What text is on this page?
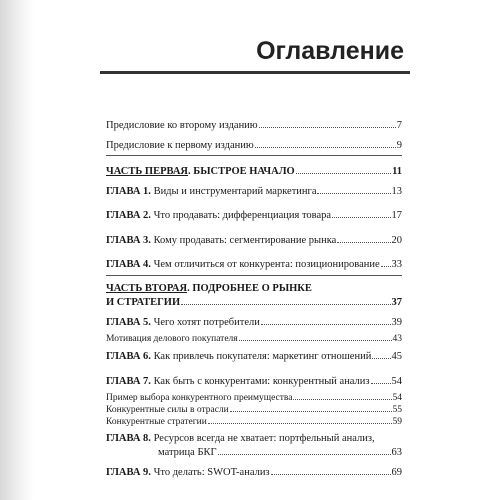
Оглавление
Предисловие ко второму изданию	7
Предисловие к первому изданию	9
ЧАСТЬ ПЕРВАЯ. БЫСТРОЕ НАЧАЛО	11
ГЛАВА 1. Виды и инструментарий маркетинга	13
ГЛАВА 2. Что продавать: дифференциация товара	17
ГЛАВА 3. Кому продавать: сегментирование рынка	20
ГЛАВА 4. Чем отличиться от конкурента: позиционирование 33
ЧАСТЬ ВТОРАЯ. ПОДРОБНЕЕ О РЫНКЕ
И СТРАТЕГИИ	37
ГЛАВА 5. Чего хотят потребители	39
Мотивация делового покупателя	43
ГЛАВА 6. Как привлечь покупателя: маркетинг отношений 45
ГЛАВА 7. Как быть с конкурентами: конкурентный анализ 54
Пример выбора конкурентного преимущества	54
Конкурентные силы в отрасли	55
Конкурентные стратегии	59
ГЛАВА 8. Ресурсов всегда не хватает: портфельный анализ,
матрица БКГ	63
ГЛАВА 9. Что делать: SWOT-анализ	69
